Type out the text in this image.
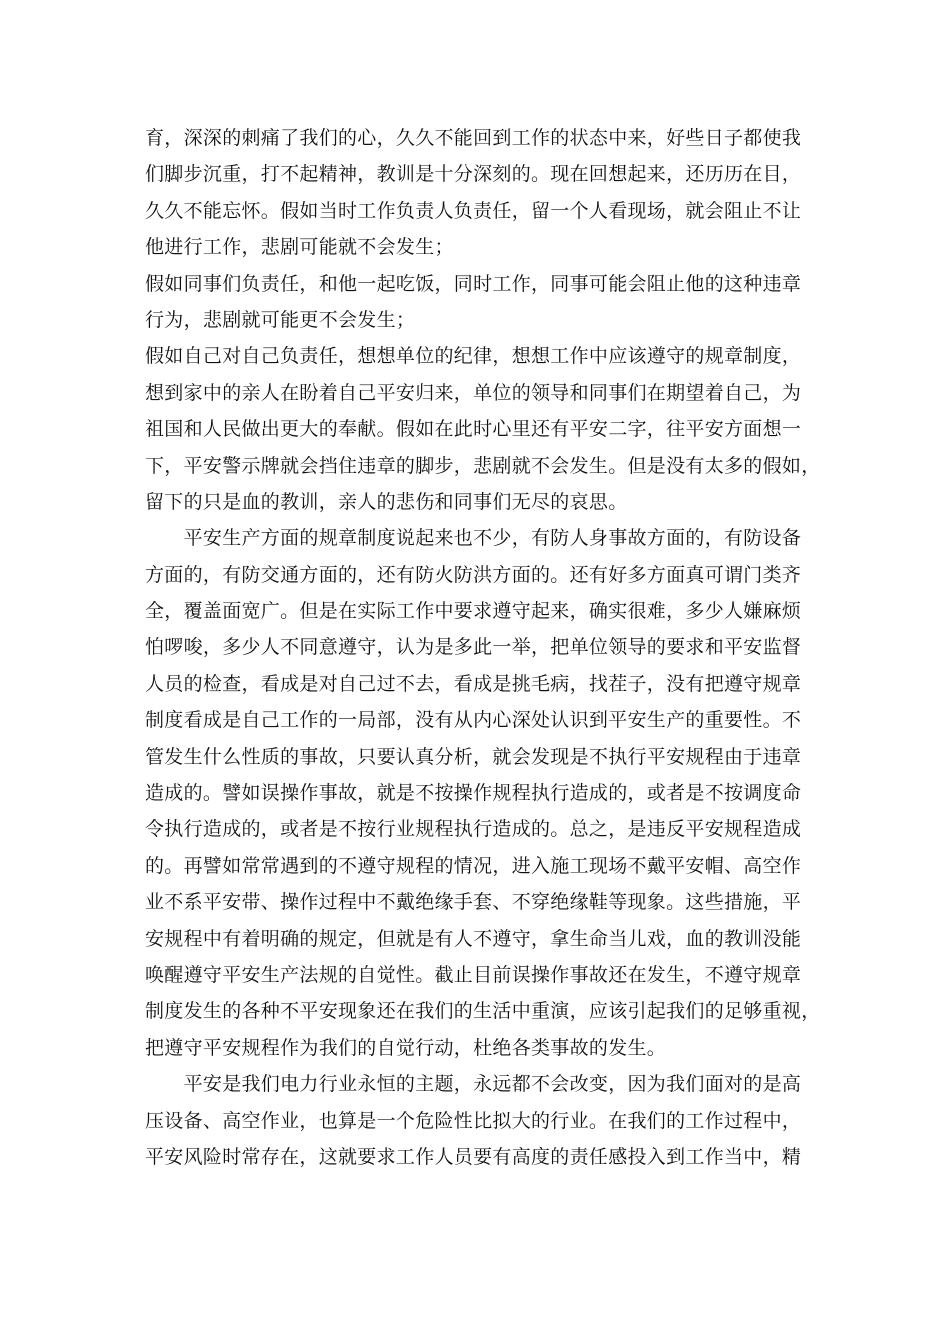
育，深深的刺痛了我们的心，久久不能回到工作的状态中来，好些日子都使我
们脚步沉重，打不起精神，教训是十分深刻的。现在回想起来，还历历在目，
久久不能忘怀。假如当时工作负责人负责任，留一个人看现场，就会阻止不让
他进行工作，悲剧可能就不会发生；
假如同事们负责任，和他一起吃饭，同时工作，同事可能会阻止他的这种违章
行为，悲剧就可能更不会发生；
假如自己对自己负责任，想想单位的纪律，想想工作中应该遵守的规章制度，
想到家中的亲人在盼着自己平安归来，单位的领导和同事们在期望着自己，为
祖国和人民做出更大的奉献。假如在此时心里还有平安二字，往平安方面想一
下，平安警示牌就会挡住违章的脚步，悲剧就不会发生。但是没有太多的假如，
留下的只是血的教训，亲人的悲伤和同事们无尽的哀思。
　　平安生产方面的规章制度说起来也不少，有防人身事故方面的，有防设备
方面的，有防交通方面的，还有防火防洪方面的。还有好多方面真可谓门类齐
全，覆盖面宽广。但是在实际工作中要求遵守起来，确实很难，多少人嫌麻烦
怕啰唆，多少人不同意遵守，认为是多此一举，把单位领导的要求和平安监督
人员的检查，看成是对自己过不去，看成是挑毛病，找茬子，没有把遵守规章
制度看成是自己工作的一局部，没有从内心深处认识到平安生产的重要性。不
管发生什么性质的事故，只要认真分析，就会发现是不执行平安规程由于违章
造成的。譬如误操作事故，就是不按操作规程执行造成的，或者是不按调度命
令执行造成的，或者是不按行业规程执行造成的。总之，是违反平安规程造成
的。再譬如常常遇到的不遵守规程的情况，进入施工现场不戴平安帽、高空作
业不系平安带、操作过程中不戴绝缘手套、不穿绝缘鞋等现象。这些措施，平
安规程中有着明确的规定，但就是有人不遵守，拿生命当儿戏，血的教训没能
唤醒遵守平安生产法规的自觉性。截止目前误操作事故还在发生，不遵守规章
制度发生的各种不平安现象还在我们的生活中重演，应该引起我们的足够重视，
把遵守平安规程作为我们的自觉行动，杜绝各类事故的发生。
　　平安是我们电力行业永恒的主题，永远都不会改变，因为我们面对的是高
压设备、高空作业，也算是一个危险性比拟大的行业。在我们的工作过程中，
平安风险时常存在，这就要求工作人员要有高度的责任感投入到工作当中，精
